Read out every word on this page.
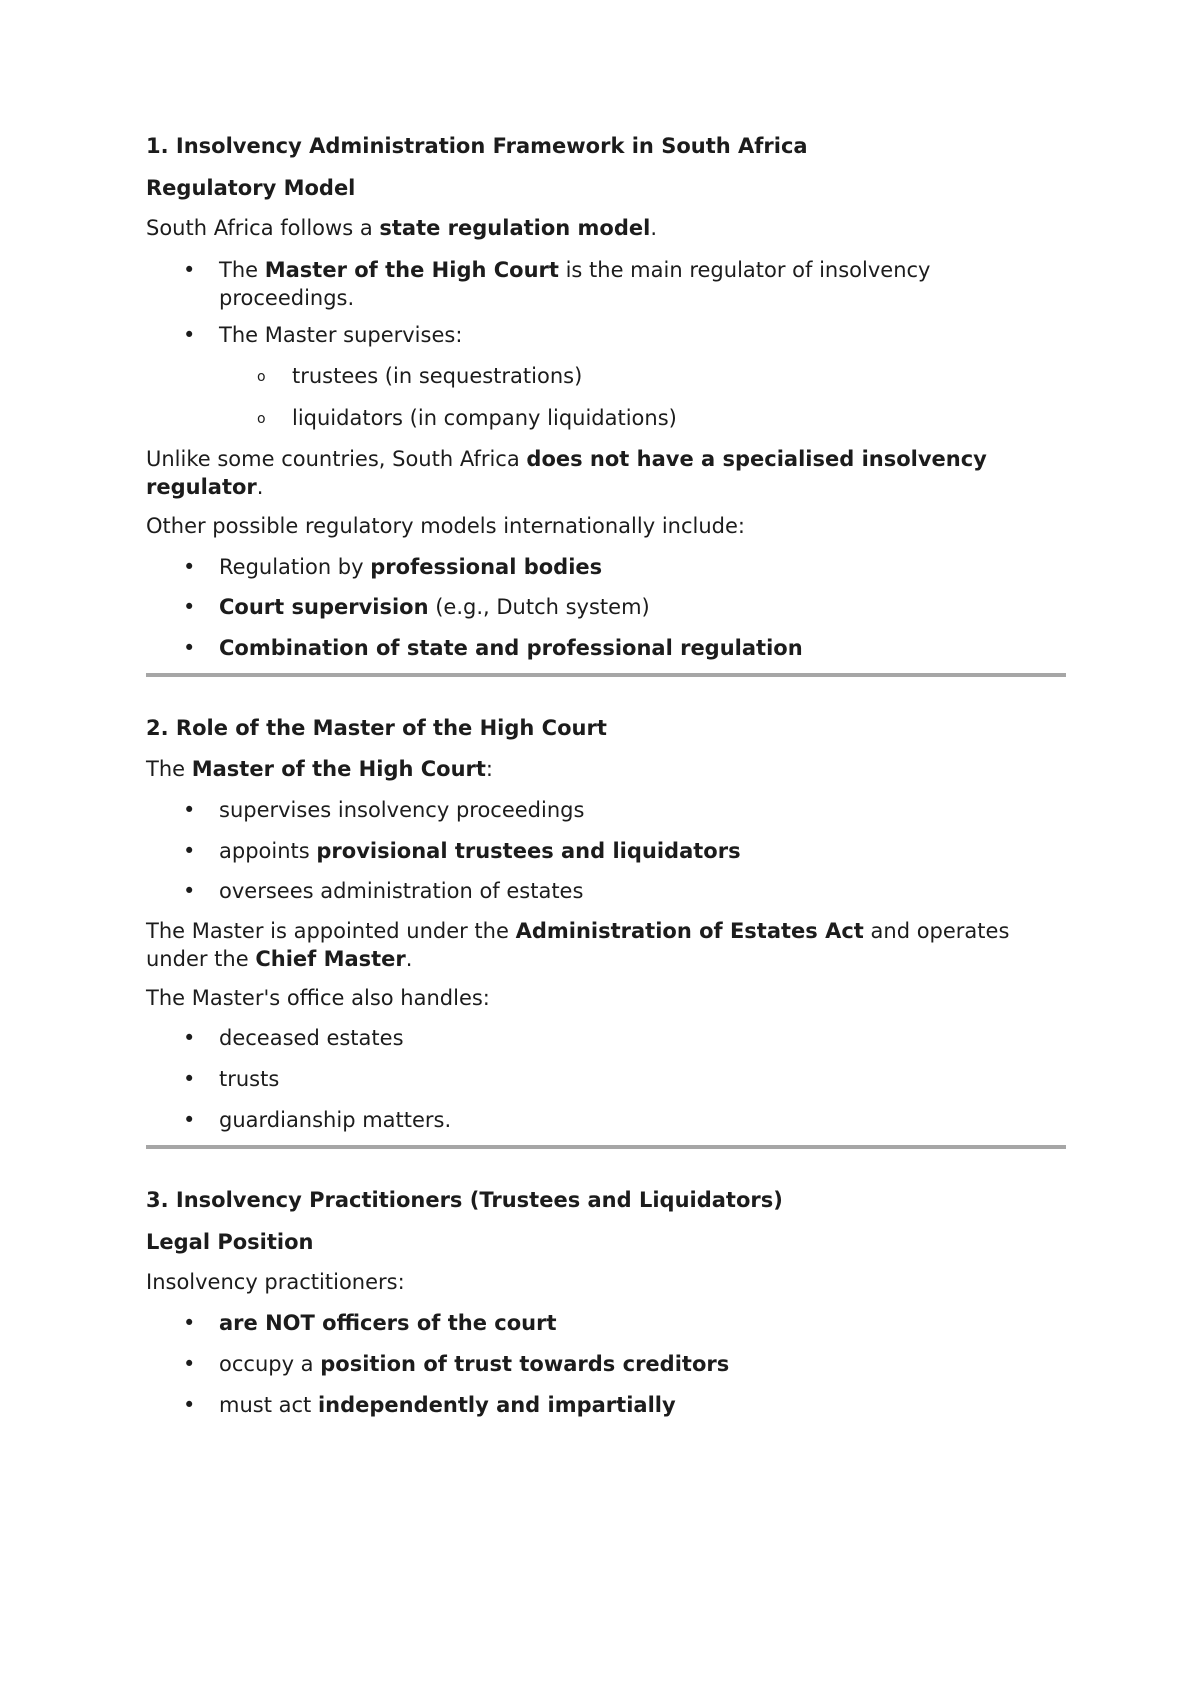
1. Insolvency Administration Framework in South Africa
Regulatory Model
South Africa follows a state regulation model.
• The Master of the High Court is the main regulator of insolvency proceedings.
• The Master supervises:
o trustees (in sequestrations)
o liquidators (in company liquidations)
Unlike some countries, South Africa does not have a specialised insolvency regulator.
Other possible regulatory models internationally include:
• Regulation by professional bodies
• Court supervision (e.g., Dutch system)
• Combination of state and professional regulation
2. Role of the Master of the High Court
The Master of the High Court:
• supervises insolvency proceedings
• appoints provisional trustees and liquidators
• oversees administration of estates
The Master is appointed under the Administration of Estates Act and operates under the Chief Master.
The Master's office also handles:
• deceased estates
• trusts
• guardianship matters.
3. Insolvency Practitioners (Trustees and Liquidators)
Legal Position
Insolvency practitioners:
• are NOT officers of the court
• occupy a position of trust towards creditors
• must act independently and impartially
